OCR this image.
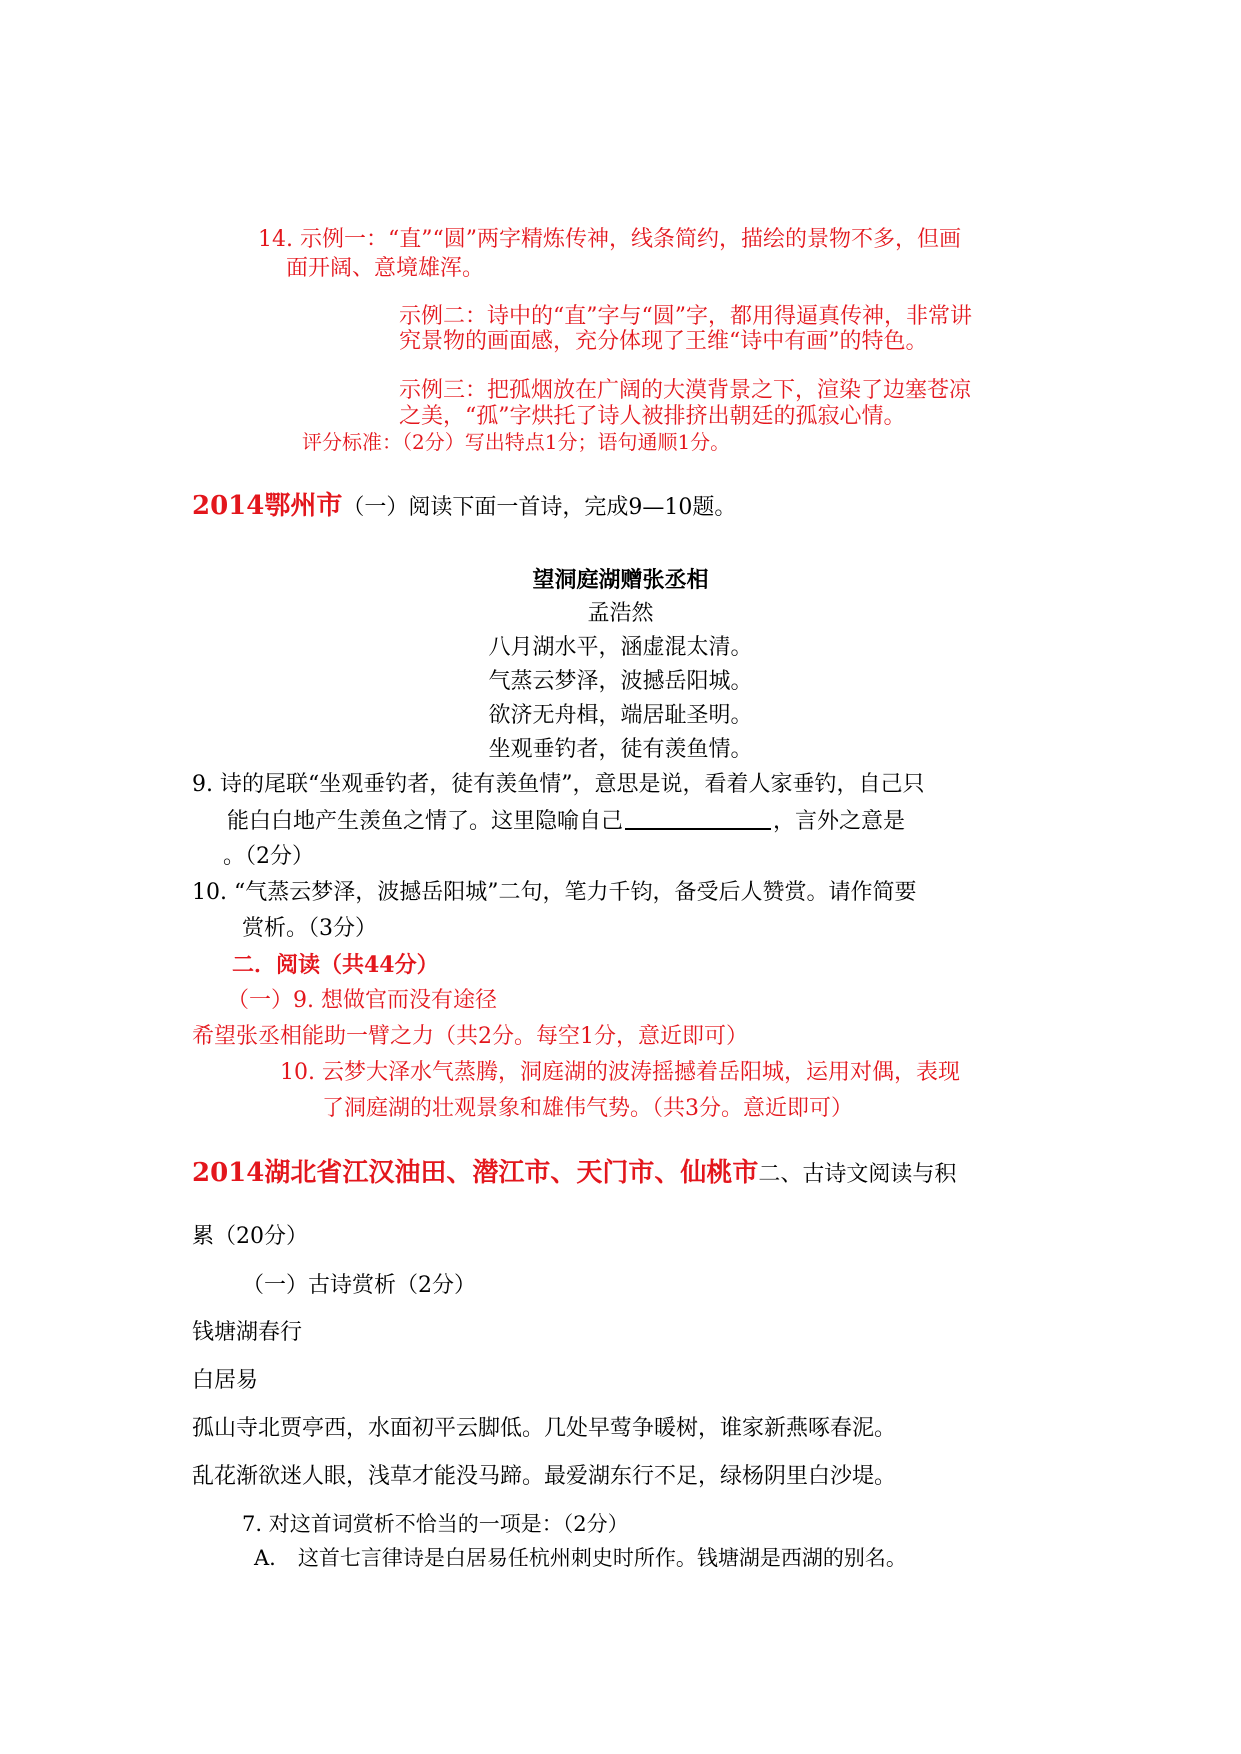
14. 示例一：“直”“圆”两字精炼传神，线条简约，描绘的景物不多，但画
面开阔、意境雄浑。
示例二：诗中的“直”字与“圆”字，都用得逼真传神，非常讲
究景物的画面感，充分体现了王维“诗中有画”的特色。
示例三：把孤烟放在广阔的大漠背景之下，渲染了边塞苍凉
之美，“孤”字烘托了诗人被排挤出朝廷的孤寂心情。
评分标准：（2分）写出特点1分；语句通顺1分。
2014鄂州市（一）阅读下面一首诗，完成9—10题。
望洞庭湖赠张丞相
孟浩然
八月湖水平，涵虚混太清。
气蒸云梦泽，波撼岳阳城。
欲济无舟楫，端居耻圣明。
坐观垂钓者，徒有羡鱼情。
9. 诗的尾联“坐观垂钓者，徒有羡鱼情”，意思是说，看着人家垂钓，自己只
能白白地产生羡鱼之情了。这里隐喻自己	，言外之意是
。（2分）
10. “气蒸云梦泽，波撼岳阳城”二句，笔力千钧，备受后人赞赏。请作简要
赏析。（3分）
二．阅读（共44分）
（一）9. 想做官而没有途径
希望张丞相能助一臂之力（共2分。每空1分，意近即可）
10. 云梦大泽水气蒸腾，洞庭湖的波涛摇撼着岳阳城，运用对偶，表现
了洞庭湖的壮观景象和雄伟气势。（共3分。意近即可）
2014湖北省江汉油田、潜江市、天门市、仙桃市二、古诗文阅读与积
累（20分）
（一）古诗赏析（2分）
钱塘湖春行
白居易
孤山寺北贾亭西，水面初平云脚低。几处早莺争暖树，谁家新燕啄春泥。
乱花渐欲迷人眼，浅草才能没马蹄。最爱湖东行不足，绿杨阴里白沙堤。
7. 对这首词赏析不恰当的一项是：（2分）
A. 这首七言律诗是白居易任杭州刺史时所作。钱塘湖是西湖的别名。
